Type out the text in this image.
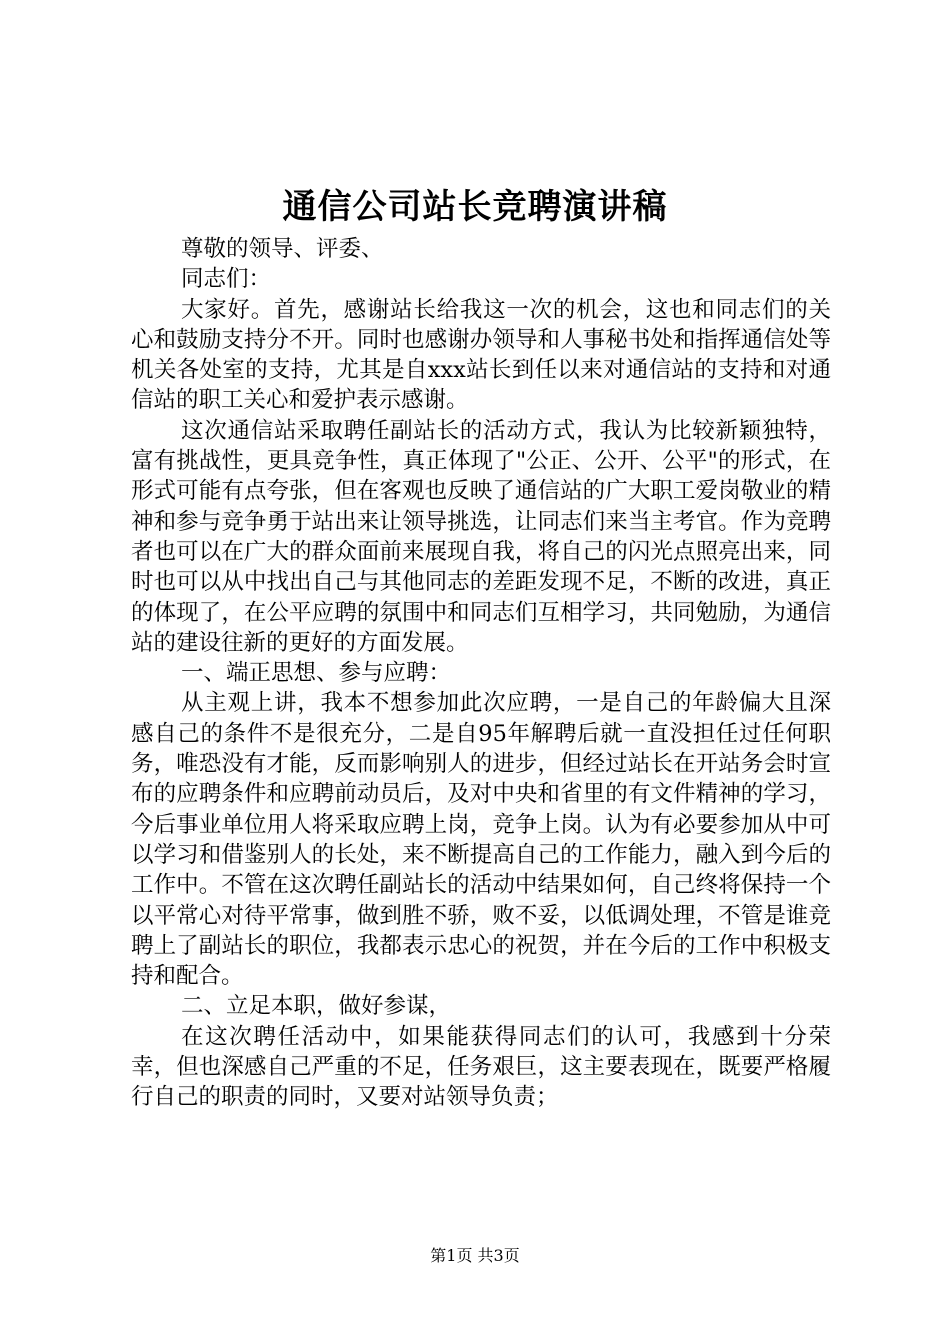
通信公司站长竞聘演讲稿

尊敬的领导、评委、

同志们：

大家好。首先，感谢站长给我这一次的机会，这也和同志们的关心和鼓励支持分不开。同时也感谢办领导和人事秘书处和指挥通信处等机关各处室的支持，尤其是自xxx站长到任以来对通信站的支持和对通信站的职工关心和爱护表示感谢。

这次通信站采取聘任副站长的活动方式，我认为比较新颖独特，富有挑战性，更具竞争性，真正体现了"公正、公开、公平"的形式，在形式可能有点夸张，但在客观也反映了通信站的广大职工爱岗敬业的精神和参与竞争勇于站出来让领导挑选，让同志们来当主考官。作为竞聘者也可以在广大的群众面前来展现自我，将自己的闪光点照亮出来，同时也可以从中找出自己与其他同志的差距发现不足，不断的改进，真正的体现了，在公平应聘的氛围中和同志们互相学习，共同勉励，为通信站的建设往新的更好的方面发展。

一、端正思想、参与应聘：

从主观上讲，我本不想参加此次应聘，一是自己的年龄偏大且深感自己的条件不是很充分，二是自95年解聘后就一直没担任过任何职务，唯恐没有才能，反而影响别人的进步，但经过站长在开站务会时宣布的应聘条件和应聘前动员后，及对中央和省里的有文件精神的学习，今后事业单位用人将采取应聘上岗，竞争上岗。认为有必要参加从中可以学习和借鉴别人的长处，来不断提高自己的工作能力，融入到今后的工作中。不管在这次聘任副站长的活动中结果如何，自己终将保持一个以平常心对待平常事，做到胜不骄，败不妥，以低调处理，不管是谁竞聘上了副站长的职位，我都表示忠心的祝贺，并在今后的工作中积极支持和配合。

二、立足本职，做好参谋，

在这次聘任活动中，如果能获得同志们的认可，我感到十分荣幸，但也深感自己严重的不足，任务艰巨，这主要表现在，既要严格履行自己的职责的同时，又要对站领导负责；

第1页 共3页
